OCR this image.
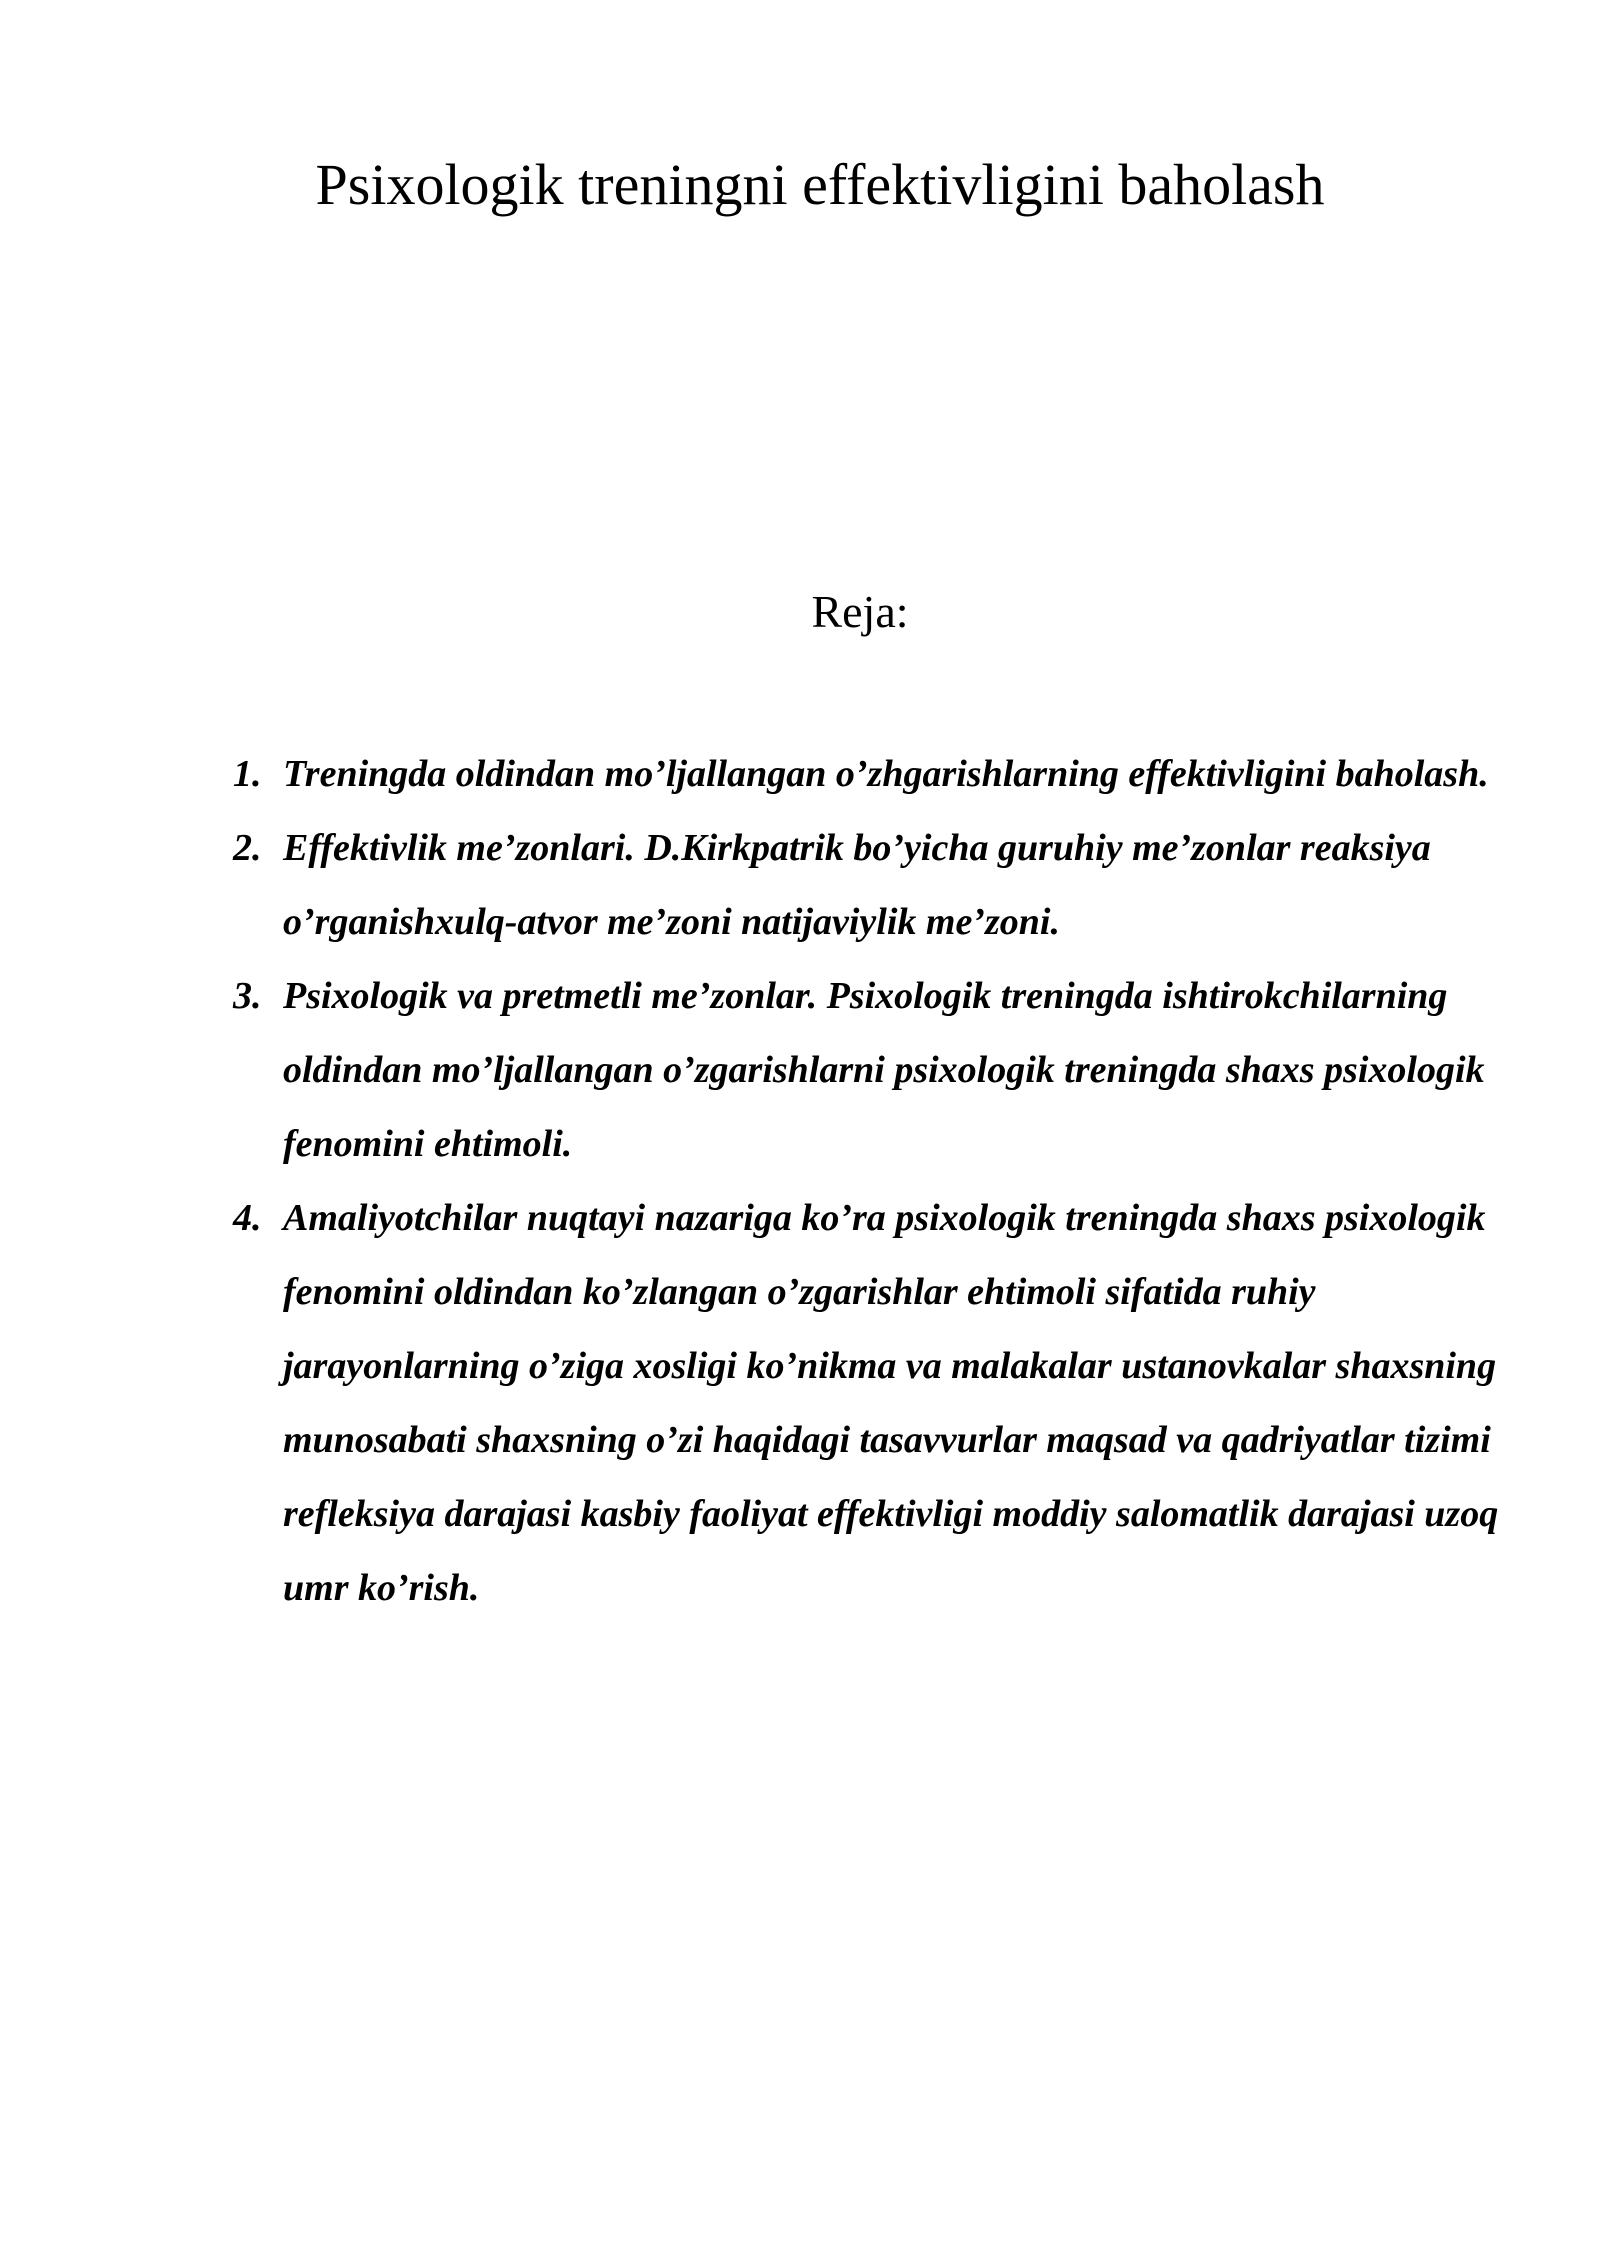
Psixologik treningni effektivligini baholash
Reja:
1. Treningda oldindan mo’ljallangan o’zhgarishlarning effektivligini baholash.
2. Effektivlik me’zonlari. D.Kirkpatrik bo’yicha guruhiy me’zonlar reaksiya o’rganishxulq-atvor me’zoni natijaviylik me’zoni.
3. Psixologik va pretmetli me’zonlar. Psixologik treningda ishtirokchilarning oldindan mo’ljallangan o’zgarishlarni psixologik treningda shaxs psixologik fenomini ehtimoli.
4. Amaliyotchilar nuqtayi nazariga ko’ra psixologik treningda shaxs psixologik fenomini oldindan ko’zlangan o’zgarishlar ehtimoli sifatida ruhiy jarayonlarning o’ziga xosligi ko’nikma va malakalar ustanovkalar shaxsning munosabati shaxsning o’zi haqidagi tasavvurlar maqsad va qadriyatlar tizimi refleksiya darajasi kasbiy faoliyat effektivligi moddiy salomatlik darajasi uzoq umr ko’rish.
